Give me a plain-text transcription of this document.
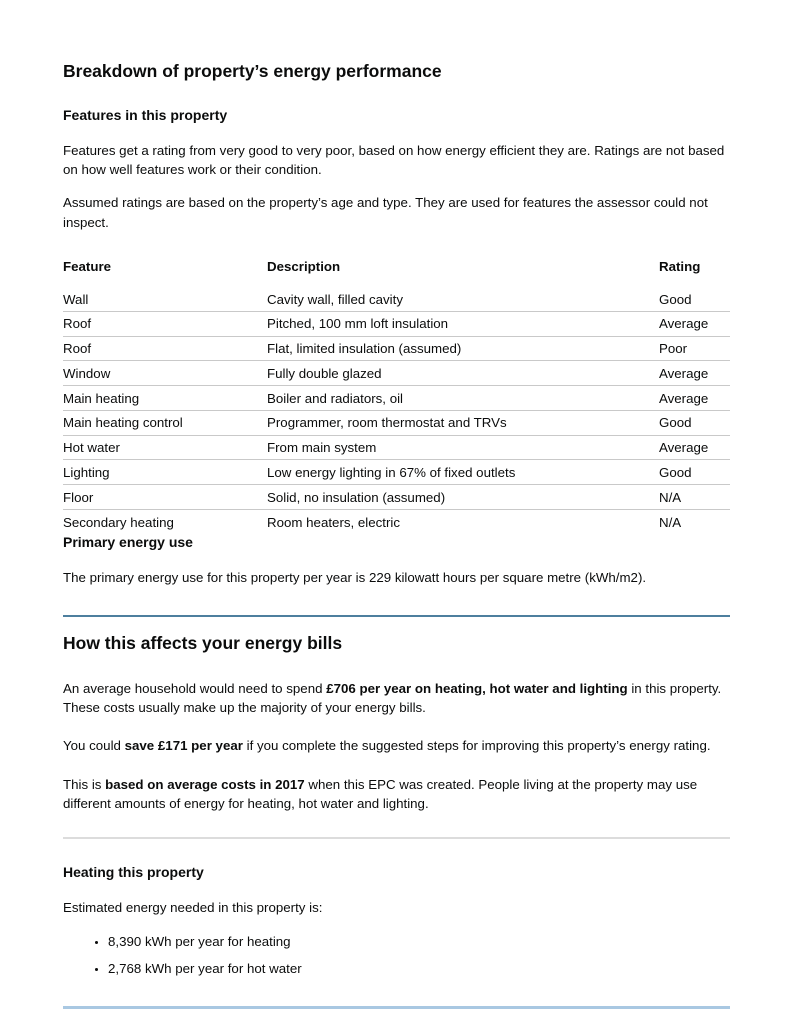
Breakdown of property’s energy performance
Features in this property

Features get a rating from very good to very poor, based on how energy efficient they are. Ratings are not based on how well features work or their condition.

Assumed ratings are based on the property’s age and type. They are used for features the assessor could not inspect.

Feature	Description	Rating
Wall	Cavity wall, filled cavity	Good
Roof	Pitched, 100 mm loft insulation	Average
Roof	Flat, limited insulation (assumed)	Poor
Window	Fully double glazed	Average
Main heating	Boiler and radiators, oil	Average
Main heating control	Programmer, room thermostat and TRVs	Good
Hot water	From main system	Average
Lighting	Low energy lighting in 67% of fixed outlets	Good
Floor	Solid, no insulation (assumed)	N/A
Secondary heating	Room heaters, electric	N/A
Primary energy use

The primary energy use for this property per year is 229 kilowatt hours per square metre (kWh/m2).

How this affects your energy bills

An average household would need to spend £706 per year on heating, hot water and lighting in this property. These costs usually make up the majority of your energy bills.

You could save £171 per year if you complete the suggested steps for improving this property’s energy rating.

This is based on average costs in 2017 when this EPC was created. People living at the property may use different amounts of energy for heating, hot water and lighting.

Heating this property

Estimated energy needed in this property is:

• 8,390 kWh per year for heating
• 2,768 kWh per year for hot water
